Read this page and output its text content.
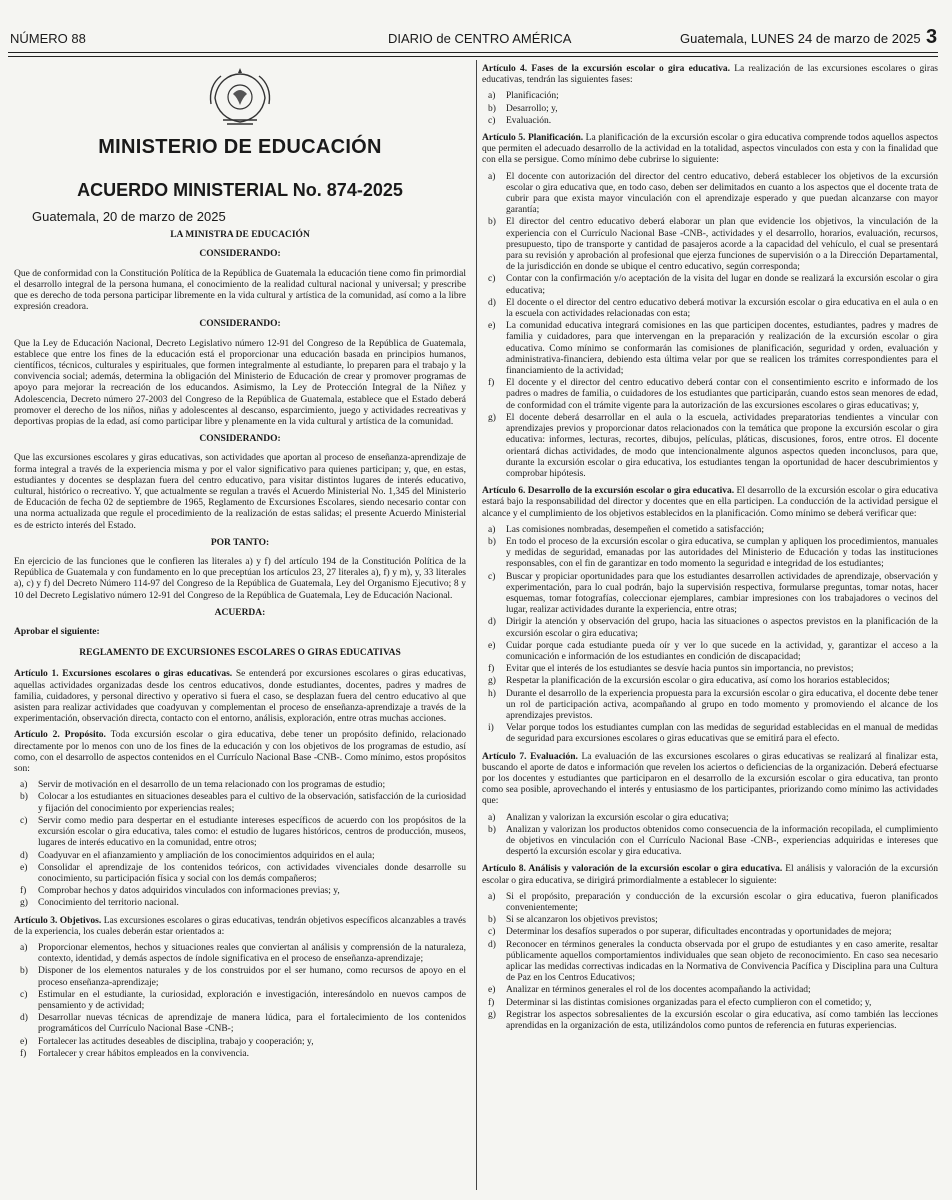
NÚMERO 88	DIARIO de CENTRO AMÉRICA	Guatemala, LUNES 24 de marzo de 2025 3
MINISTERIO DE EDUCACIÓN
ACUERDO MINISTERIAL No. 874-2025
Guatemala, 20 de marzo de 2025
LA MINISTRA DE EDUCACIÓN
CONSIDERANDO:

Que de conformidad con la Constitución Política de la República de Guatemala la educación tiene como fin primordial el desarrollo integral de la persona humana, el conocimiento de la realidad cultural nacional y universal; y prescribe que es derecho de toda persona participar libremente en la vida cultural y artística de la comunidad, así como a la libre expresión creadora.

CONSIDERANDO:

Que la Ley de Educación Nacional, Decreto Legislativo número 12-91 del Congreso de la República de Guatemala, establece que entre los fines de la educación está el proporcionar una educación basada en principios humanos, científicos, técnicos, culturales y espirituales, que formen integralmente al estudiante, lo preparen para el trabajo y la convivencia social; además, determina la obligación del Ministerio de Educación de crear y promover programas de apoyo para mejorar la recreación de los educandos. Asimismo, la Ley de Protección Integral de la Niñez y Adolescencia, Decreto número 27-2003 del Congreso de la República de Guatemala, establece que el Estado deberá promover el derecho de los niños, niñas y adolescentes al descanso, esparcimiento, juego y actividades recreativas y deportivas propias de la edad, así como participar libre y plenamente en la vida cultural y artística de la comunidad.

CONSIDERANDO:

Que las excursiones escolares y giras educativas, son actividades que aportan al proceso de enseñanza-aprendizaje de forma integral a través de la experiencia misma y por el valor significativo para quienes participan; y, que, en estas, estudiantes y docentes se desplazan fuera del centro educativo, para visitar distintos lugares de interés educativo, cultural, histórico o recreativo. Y, que actualmente se regulan a través el Acuerdo Ministerial No. 1,345 del Ministerio de Educación de fecha 02 de septiembre de 1965, Reglamento de Excursiones Escolares, siendo necesario contar con una norma actualizada que regule el procedimiento de la realización de estas salidas; el presente Acuerdo Ministerial es de estricto interés del Estado.

POR TANTO:

En ejercicio de las funciones que le confieren las literales a) y f) del artículo 194 de la Constitución Política de la República de Guatemala y con fundamento en lo que preceptúan los artículos 23, 27 literales a), f) y m), y, 33 literales a), c) y f) del Decreto Número 114-97 del Congreso de la República de Guatemala, Ley del Organismo Ejecutivo; 8 y 10 del Decreto Legislativo número 12-91 del Congreso de la República de Guatemala, Ley de Educación Nacional.

ACUERDA:

Aprobar el siguiente:

REGLAMENTO DE EXCURSIONES ESCOLARES O GIRAS EDUCATIVAS

Artículo 1. Excursiones escolares o giras educativas. Se entenderá por excursiones escolares o giras educativas, aquellas actividades organizadas desde los centros educativos, donde estudiantes, docentes, padres y madres de familia, cuidadores, y personal directivo y operativo si fuera el caso, se desplazan fuera del centro educativo al que asisten para realizar actividades que coadyuvan y complementan el proceso de enseñanza-aprendizaje a través de la experimentación, observación directa, contacto con el entorno, análisis, exploración, entre otras muchas acciones.

Artículo 2. Propósito. Toda excursión escolar o gira educativa, debe tener un propósito definido, relacionado directamente por lo menos con uno de los fines de la educación y con los objetivos de los programas de estudio, así como, con el desarrollo de aspectos contenidos en el Currículo Nacional Base -CNB-. Como mínimo, estos propósitos son:

a) Servir de motivación en el desarrollo de un tema relacionado con los programas de estudio;
b) Colocar a los estudiantes en situaciones deseables para el cultivo de la observación, satisfacción de la curiosidad y fijación del conocimiento por experiencias reales;
c) Servir como medio para despertar en el estudiante intereses específicos de acuerdo con los propósitos de la excursión escolar o gira educativa, tales como: el estudio de lugares históricos, centros de producción, museos, lugares de interés educativo en la comunidad, entre otros;
d) Coadyuvar en el afianzamiento y ampliación de los conocimientos adquiridos en el aula;
e) Consolidar el aprendizaje de los contenidos teóricos, con actividades vivenciales donde desarrolle su conocimiento, su participación física y social con los demás compañeros;
f) Comprobar hechos y datos adquiridos vinculados con informaciones previas; y,
g) Conocimiento del territorio nacional.

Artículo 3. Objetivos. Las excursiones escolares o giras educativas, tendrán objetivos específicos alcanzables a través de la experiencia, los cuales deberán estar orientados a:

a) Proporcionar elementos, hechos y situaciones reales que conviertan al análisis y comprensión de la naturaleza, contexto, identidad, y demás aspectos de índole significativa en el proceso de enseñanza-aprendizaje;
b) Disponer de los elementos naturales y de los construidos por el ser humano, como recursos de apoyo en el proceso enseñanza-aprendizaje;
c) Estimular en el estudiante, la curiosidad, exploración e investigación, interesándolo en nuevos campos de pensamiento y de actividad;
d) Desarrollar nuevas técnicas de aprendizaje de manera lúdica, para el fortalecimiento de los contenidos programáticos del Currículo Nacional Base -CNB-;
e) Fortalecer las actitudes deseables de disciplina, trabajo y cooperación; y,
f) Fortalecer y crear hábitos empleados en la convivencia.

Artículo 4. Fases de la excursión escolar o gira educativa. La realización de las excursiones escolares o giras educativas, tendrán las siguientes fases:

a) Planificación;
b) Desarrollo; y,
c) Evaluación.

Artículo 5. Planificación. La planificación de la excursión escolar o gira educativa comprende todos aquellos aspectos que permiten el adecuado desarrollo de la actividad en la totalidad, aspectos vinculados con esta y con la finalidad que con ella se persigue. Como mínimo debe cubrirse lo siguiente:

a) El docente con autorización del director del centro educativo, deberá establecer los objetivos de la excursión escolar o gira educativa que, en todo caso, deben ser delimitados en cuanto a los aspectos que el docente trata de cubrir para que exista mayor vinculación con el aprendizaje esperado y que puedan alcanzarse con mayor garantía;
b) El director del centro educativo deberá elaborar un plan que evidencie los objetivos, la vinculación de la experiencia con el Currículo Nacional Base -CNB-, actividades y el desarrollo, horarios, evaluación, recursos, presupuesto, tipo de transporte y cantidad de pasajeros acorde a la capacidad del vehículo, el cual se presentará para su revisión y aprobación al profesional que ejerza funciones de supervisión o a la Dirección Departamental, de la jurisdicción en donde se ubique el centro educativo, según corresponda;
c) Contar con la confirmación y/o aceptación de la visita del lugar en donde se realizará la excursión escolar o gira educativa;
d) El docente o el director del centro educativo deberá motivar la excursión escolar o gira educativa en el aula o en la escuela con actividades relacionadas con esta;
e) La comunidad educativa integrará comisiones en las que participen docentes, estudiantes, padres y madres de familia y cuidadores, para que intervengan en la preparación y realización de la excursión escolar o gira educativa. Como mínimo se conformarán las comisiones de planificación, seguridad y orden, evaluación y administrativa-financiera, debiendo esta última velar por que se realicen los trámites correspondientes para el financiamiento de la actividad;
f) El docente y el director del centro educativo deberá contar con el consentimiento escrito e informado de los padres o madres de familia, o cuidadores de los estudiantes que participarán, cuando estos sean menores de edad, de conformidad con el trámite vigente para la autorización de las excursiones escolares o giras educativas; y,
g) El docente deberá desarrollar en el aula o la escuela, actividades preparatorias tendientes a vincular con aprendizajes previos y proporcionar datos relacionados con la temática que propone la excursión escolar o gira educativa: informes, lecturas, recortes, dibujos, películas, pláticas, discusiones, foros, entre otros. El docente orientará dichas actividades, de modo que intencionalmente algunos aspectos queden inconclusos, para que, durante la excursión escolar o gira educativa, los estudiantes tengan la oportunidad de hacer descubrimientos y comprobar hipótesis.

Artículo 6. Desarrollo de la excursión escolar o gira educativa. El desarrollo de la excursión escolar o gira educativa estará bajo la responsabilidad del director y docentes que en ella participen. La conducción de la actividad persigue el alcance y el cumplimiento de los objetivos establecidos en la planificación. Como mínimo se deberá verificar que:

a) Las comisiones nombradas, desempeñen el cometido a satisfacción;
b) En todo el proceso de la excursión escolar o gira educativa, se cumplan y apliquen los procedimientos, manuales y medidas de seguridad, emanadas por las autoridades del Ministerio de Educación y todas las instituciones responsables, con el fin de garantizar en todo momento la seguridad e integridad de los estudiantes;
c) Buscar y propiciar oportunidades para que los estudiantes desarrollen actividades de aprendizaje, observación y experimentación, para lo cual podrán, bajo la supervisión respectiva, formularse preguntas, tomar notas, hacer esquemas, tomar fotografías, coleccionar ejemplares, cambiar impresiones con los trabajadores o vecinos del lugar, realizar actividades durante la experiencia, entre otras;
d) Dirigir la atención y observación del grupo, hacia las situaciones o aspectos previstos en la planificación de la excursión escolar o gira educativa;
e) Cuidar porque cada estudiante pueda oír y ver lo que sucede en la actividad, y, garantizar el acceso a la comunicación e información de los estudiantes en condición de discapacidad;
f) Evitar que el interés de los estudiantes se desvíe hacia puntos sin importancia, no previstos;
g) Respetar la planificación de la excursión escolar o gira educativa, así como los horarios establecidos;
h) Durante el desarrollo de la experiencia propuesta para la excursión escolar o gira educativa, el docente debe tener un rol de participación activa, acompañando al grupo en todo momento y promoviendo el alcance de los aprendizajes previstos.
i) Velar porque todos los estudiantes cumplan con las medidas de seguridad establecidas en el manual de medidas de seguridad para excursiones escolares o giras educativas que se emitirá para el efecto.

Artículo 7. Evaluación. La evaluación de las excursiones escolares o giras educativas se realizará al finalizar esta, buscando el aporte de datos e información que revelen los aciertos o deficiencias de la organización. Deberá efectuarse por los docentes y estudiantes que participaron en el desarrollo de la excursión escolar o gira educativa, tan pronto como sea posible, aprovechando el interés y entusiasmo de los participantes, priorizando como mínimo las actividades que:

a) Analizan y valorizan la excursión escolar o gira educativa;
b) Analizan y valorizan los productos obtenidos como consecuencia de la información recopilada, el cumplimiento de objetivos en vinculación con el Currículo Nacional Base -CNB-, experiencias adquiridas e intereses que despertó la excursión escolar y gira educativa.

Artículo 8. Análisis y valoración de la excursión escolar o gira educativa. El análisis y valoración de la excursión escolar o gira educativa, se dirigirá primordialmente a establecer lo siguiente:

a) Si el propósito, preparación y conducción de la excursión escolar o gira educativa, fueron planificados convenientemente;
b) Si se alcanzaron los objetivos previstos;
c) Determinar los desafíos superados o por superar, dificultades encontradas y oportunidades de mejora;
d) Reconocer en términos generales la conducta observada por el grupo de estudiantes y en caso amerite, resaltar públicamente aquellos comportamientos individuales que sean objeto de reconocimiento. En caso sea necesario aplicar las medidas correctivas indicadas en la Normativa de Convivencia Pacífica y Disciplina para una Cultura de Paz en los Centros Educativos;
e) Analizar en términos generales el rol de los docentes acompañando la actividad;
f) Determinar si las distintas comisiones organizadas para el efecto cumplieron con el cometido; y,
g) Registrar los aspectos sobresalientes de la excursión escolar o gira educativa, así como también las lecciones aprendidas en la organización de esta, utilizándolos como puntos de referencia en futuras experiencias.
